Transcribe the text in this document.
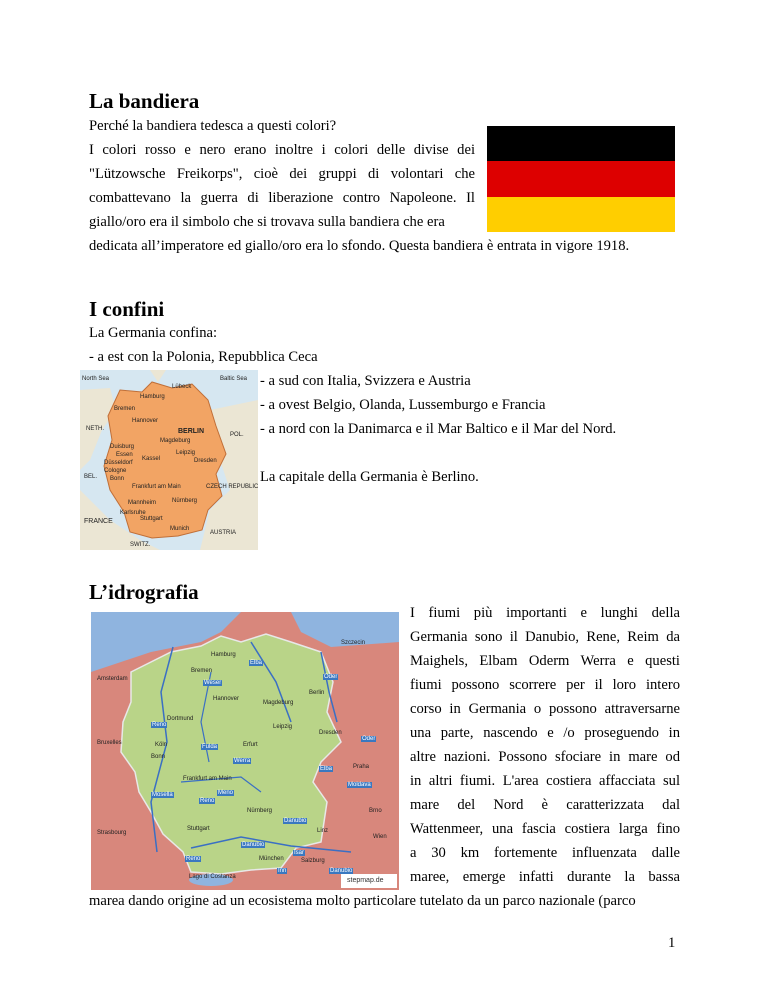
La bandiera
Perché la bandiera tedesca a questi colori?
I colori rosso e nero erano inoltre i colori delle divise dei
"Lützowsche Freikorps", cioè dei gruppi di volontari che
combattevano la guerra di liberazione contro Napoleone. Il
giallo/oro era il simbolo che si trovava sulla bandiera che era
dedicata all’imperatore ed giallo/oro era lo sfondo. Questa bandiera è entrata in vigore 1918.
I confini
La Germania confina:
- a est con la Polonia, Repubblica Ceca
- a sud con Italia, Svizzera e Austria
- a ovest Belgio, Olanda, Lussemburgo e Francia
- a nord con la Danimarca e il Mar Baltico e il Mar del Nord.
La capitale della Germania è Berlino.
North Sea	Baltic Sea
Hamburg
Lübeck
Bremen
Hannover
BERLIN	POL.
NETH.
Magdeburg
Leipzig
Dresden
Kassel
Duisburg
Essen
Düsseldorf
Cologne
Bonn
BEL.
Frankfurt am Main	CZECH REPUBLIC
Mannheim	Nürnberg
Karlsruhe
Stuttgart
Munich
FRANCE
AUSTRIA
SWITZ.
L’idrografia
Elba
Oder
Weser
Reno
Fulda
Werra
Oder
Elba
Moldava
Mosella
Reno
Meno
Danubio
Danubio
Isar
Inn	Danubio
Reno
Hamburg
Bremen
Berlin
Hannover
Magdeburg
Leipzig
Dresden
Erfurt
Dortmund
Köln
Bonn
Frankfurt am Main
Nürnberg
Stuttgart
München
Strasbourg
Praha
Linz
Salzburg
Wien
Brno
Szczecin
Amsterdam
Bruxelles
Lago di Costanza	stepmap.de
I fiumi più importanti e lunghi della
Germania sono il Danubio, Rene, Reim da
Maighels, Elbam Oderm Werra e questi
fiumi possono scorrere per il loro intero
corso in Germania o possono attraversarne
una parte, nascendo e /o proseguendo in
altre nazioni. Possono sfociare in mare od
in altri fiumi. L'area costiera affacciata sul
mare del Nord è caratterizzata dal
Wattenmeer, una fascia costiera larga fino
a 30 km fortemente influenzata dalle
maree, emerge infatti durante la bassa
marea dando origine ad un ecosistema molto particolare tutelato da un parco nazionale (parco
1
